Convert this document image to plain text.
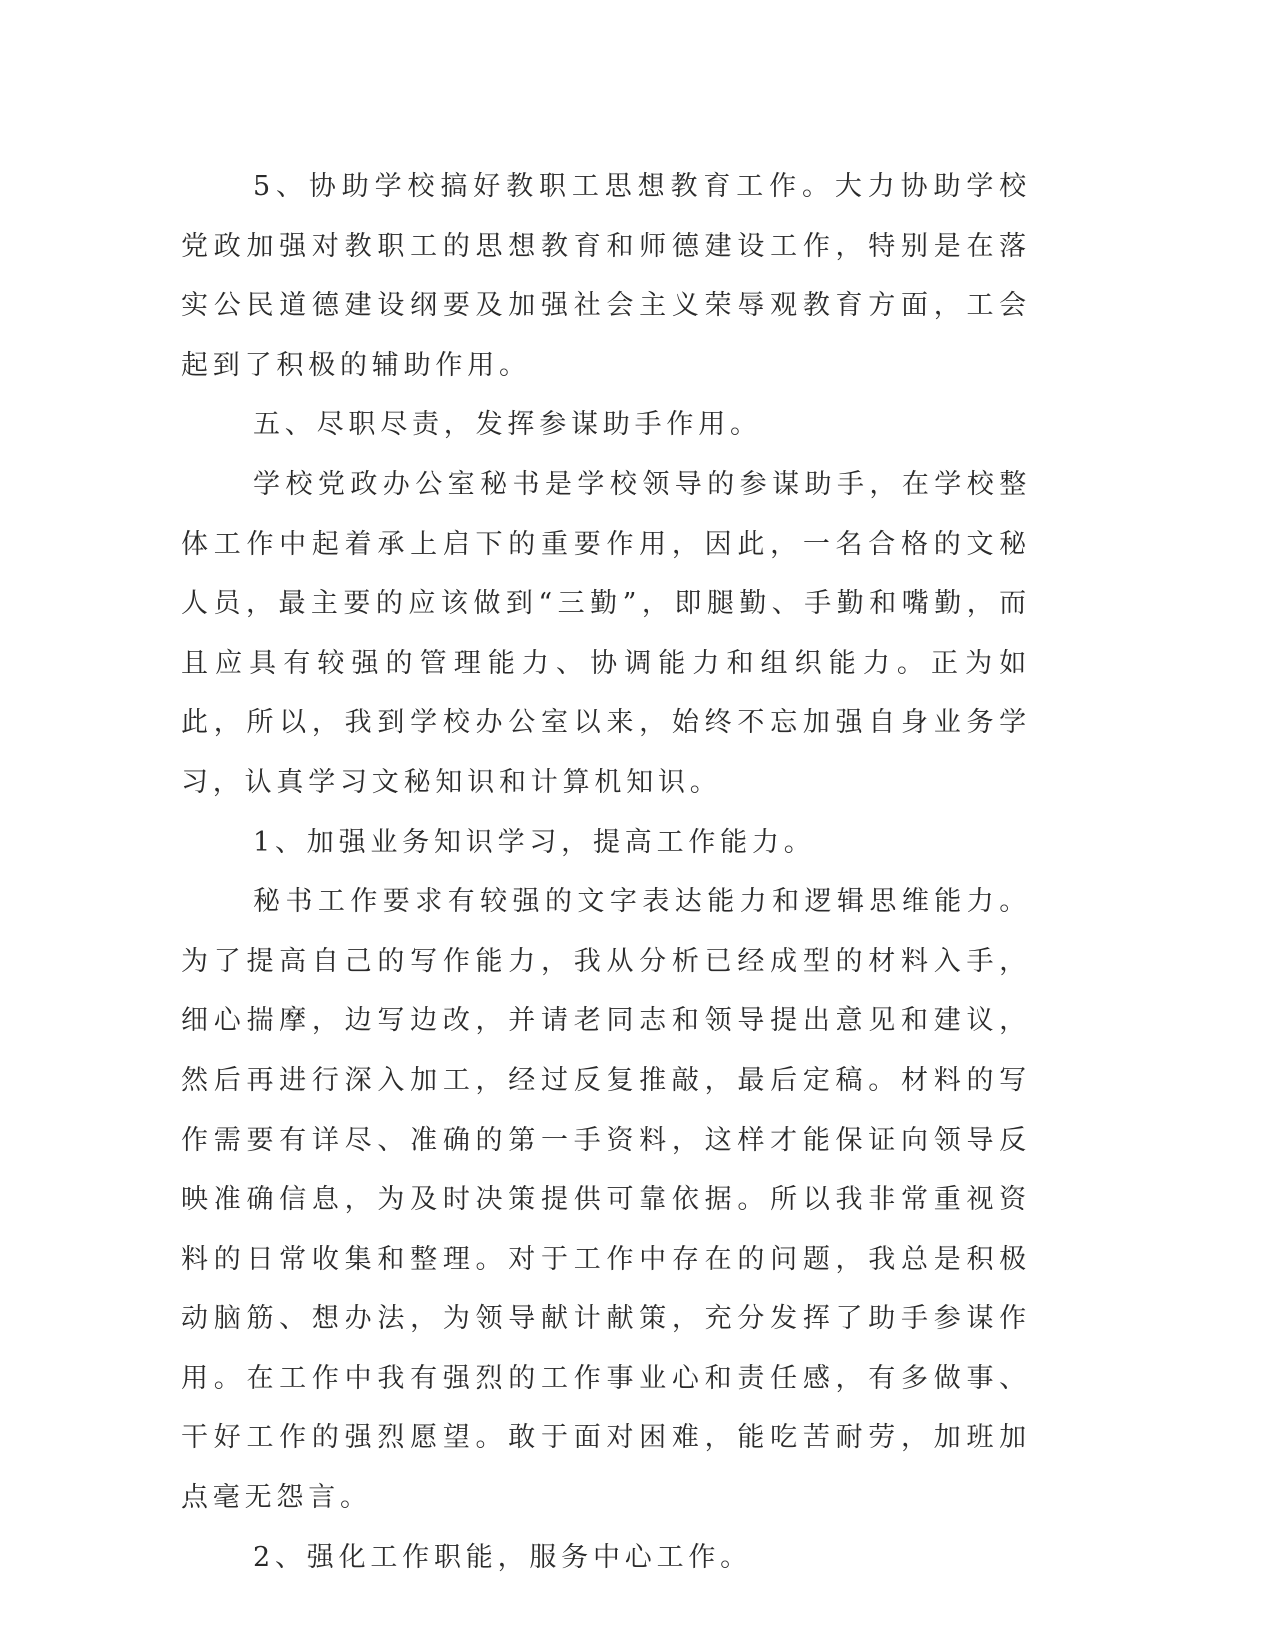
5、协助学校搞好教职工思想教育工作。大力协助学校党政加强对教职工的思想教育和师德建设工作，特别是在落实公民道德建设纲要及加强社会主义荣辱观教育方面，工会起到了积极的辅助作用。

五、尽职尽责，发挥参谋助手作用。

学校党政办公室秘书是学校领导的参谋助手，在学校整体工作中起着承上启下的重要作用，因此，一名合格的文秘人员，最主要的应该做到“三勤”，即腿勤、手勤和嘴勤，而且应具有较强的管理能力、协调能力和组织能力。正为如此，所以，我到学校办公室以来，始终不忘加强自身业务学习，认真学习文秘知识和计算机知识。

1、加强业务知识学习，提高工作能力。

秘书工作要求有较强的文字表达能力和逻辑思维能力。为了提高自己的写作能力，我从分析已经成型的材料入手，细心揣摩，边写边改，并请老同志和领导提出意见和建议，然后再进行深入加工，经过反复推敲，最后定稿。材料的写作需要有详尽、准确的第一手资料，这样才能保证向领导反映准确信息，为及时决策提供可靠依据。所以我非常重视资料的日常收集和整理。对于工作中存在的问题，我总是积极动脑筋、想办法，为领导献计献策，充分发挥了助手参谋作用。在工作中我有强烈的工作事业心和责任感，有多做事、干好工作的强烈愿望。敢于面对困难，能吃苦耐劳，加班加点毫无怨言。

2、强化工作职能，服务中心工作。
